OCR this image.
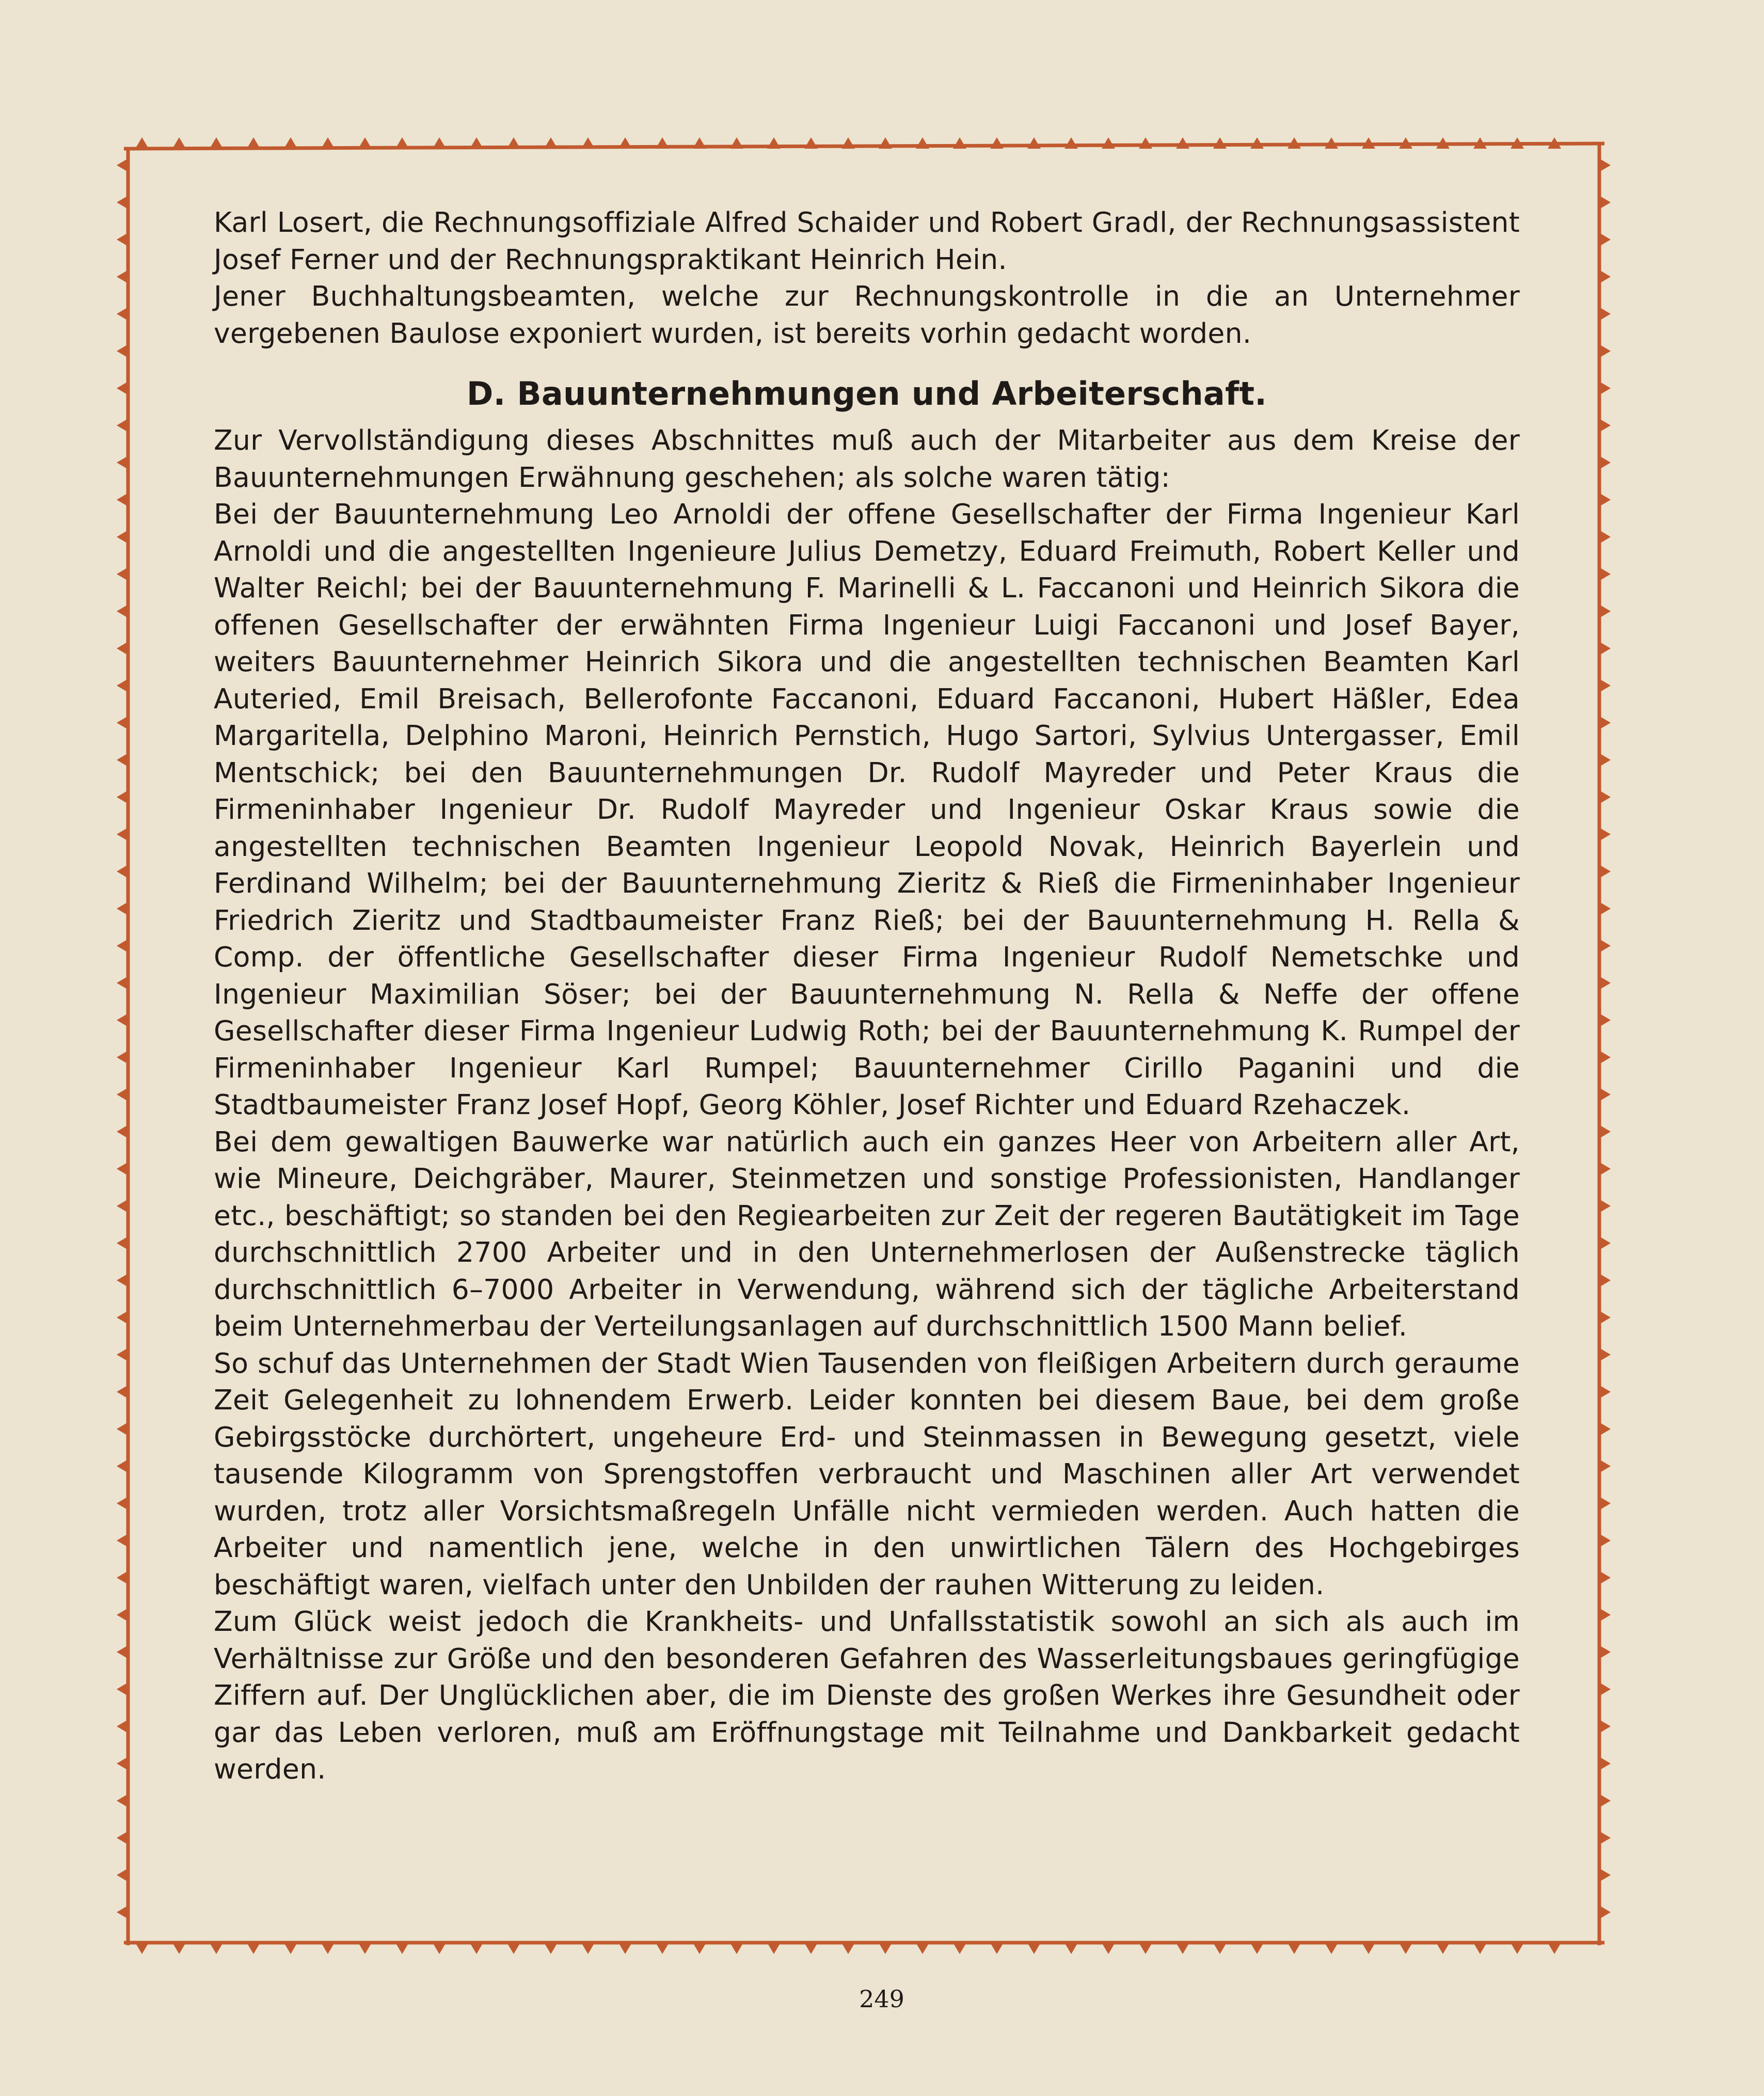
Karl Losert, die Rechnungsoffiziale Alfred Schaider und Robert Gradl, der Rechnungsassistent Josef Ferner und der Rechnungspraktikant Heinrich Hein.

Jener Buchhaltungsbeamten, welche zur Rechnungskontrolle in die an Unternehmer vergebenen Baulose exponiert wurden, ist bereits vorhin gedacht worden.

D. Bauunternehmungen und Arbeiterschaft.

Zur Vervollständigung dieses Abschnittes muß auch der Mitarbeiter aus dem Kreise der Bauunternehmungen Erwähnung geschehen; als solche waren tätig:

Bei der Bauunternehmung Leo Arnoldi der offene Gesellschafter der Firma Ingenieur Karl Arnoldi und die angestellten Ingenieure Julius Demetzy, Eduard Freimuth, Robert Keller und Walter Reichl; bei der Bauunternehmung F. Marinelli & L. Faccanoni und Heinrich Sikora die offenen Gesellschafter der erwähnten Firma Ingenieur Luigi Faccanoni und Josef Bayer, weiters Bauunternehmer Heinrich Sikora und die angestellten technischen Beamten Karl Auteried, Emil Breisach, Bellerofonte Faccanoni, Eduard Faccanoni, Hubert Häßler, Edea Margaritella, Delphino Maroni, Heinrich Pernstich, Hugo Sartori, Sylvius Untergasser, Emil Mentschick; bei den Bauunternehmungen Dr. Rudolf Mayreder und Peter Kraus die Firmeninhaber Ingenieur Dr. Rudolf Mayreder und Ingenieur Oskar Kraus sowie die angestellten technischen Beamten Ingenieur Leopold Novak, Heinrich Bayerlein und Ferdinand Wilhelm; bei der Bauunternehmung Zieritz & Rieß die Firmeninhaber Ingenieur Friedrich Zieritz und Stadtbaumeister Franz Rieß; bei der Bauunternehmung H. Rella & Comp. der öffentliche Gesellschafter dieser Firma Ingenieur Rudolf Nemetschke und Ingenieur Maximilian Söser; bei der Bauunternehmung N. Rella & Neffe der offene Gesellschafter dieser Firma Ingenieur Ludwig Roth; bei der Bauunternehmung K. Rumpel der Firmeninhaber Ingenieur Karl Rumpel; Bauunternehmer Cirillo Paganini und die Stadtbaumeister Franz Josef Hopf, Georg Köhler, Josef Richter und Eduard Rzehaczek.

Bei dem gewaltigen Bauwerke war natürlich auch ein ganzes Heer von Arbeitern aller Art, wie Mineure, Deichgräber, Maurer, Steinmetzen und sonstige Professionisten, Handlanger etc., beschäftigt; so standen bei den Regiearbeiten zur Zeit der regeren Bautätigkeit im Tage durchschnittlich 2700 Arbeiter und in den Unternehmerlosen der Außenstrecke täglich durchschnittlich 6–7000 Arbeiter in Verwendung, während sich der tägliche Arbeiterstand beim Unternehmerbau der Verteilungsanlagen auf durchschnittlich 1500 Mann belief.

So schuf das Unternehmen der Stadt Wien Tausenden von fleißigen Arbeitern durch geraume Zeit Gelegenheit zu lohnendem Erwerb. Leider konnten bei diesem Baue, bei dem große Gebirgsstöcke durchörtert, ungeheure Erd- und Steinmassen in Bewegung gesetzt, viele tausende Kilogramm von Sprengstoffen verbraucht und Maschinen aller Art verwendet wurden, trotz aller Vorsichtsmaßregeln Unfälle nicht vermieden werden. Auch hatten die Arbeiter und namentlich jene, welche in den unwirtlichen Tälern des Hochgebirges beschäftigt waren, vielfach unter den Unbilden der rauhen Witterung zu leiden.

Zum Glück weist jedoch die Krankheits- und Unfallsstatistik sowohl an sich als auch im Verhältnisse zur Größe und den besonderen Gefahren des Wasserleitungsbaues geringfügige Ziffern auf. Der Unglücklichen aber, die im Dienste des großen Werkes ihre Gesundheit oder gar das Leben verloren, muß am Eröffnungstage mit Teilnahme und Dankbarkeit gedacht werden.

249
